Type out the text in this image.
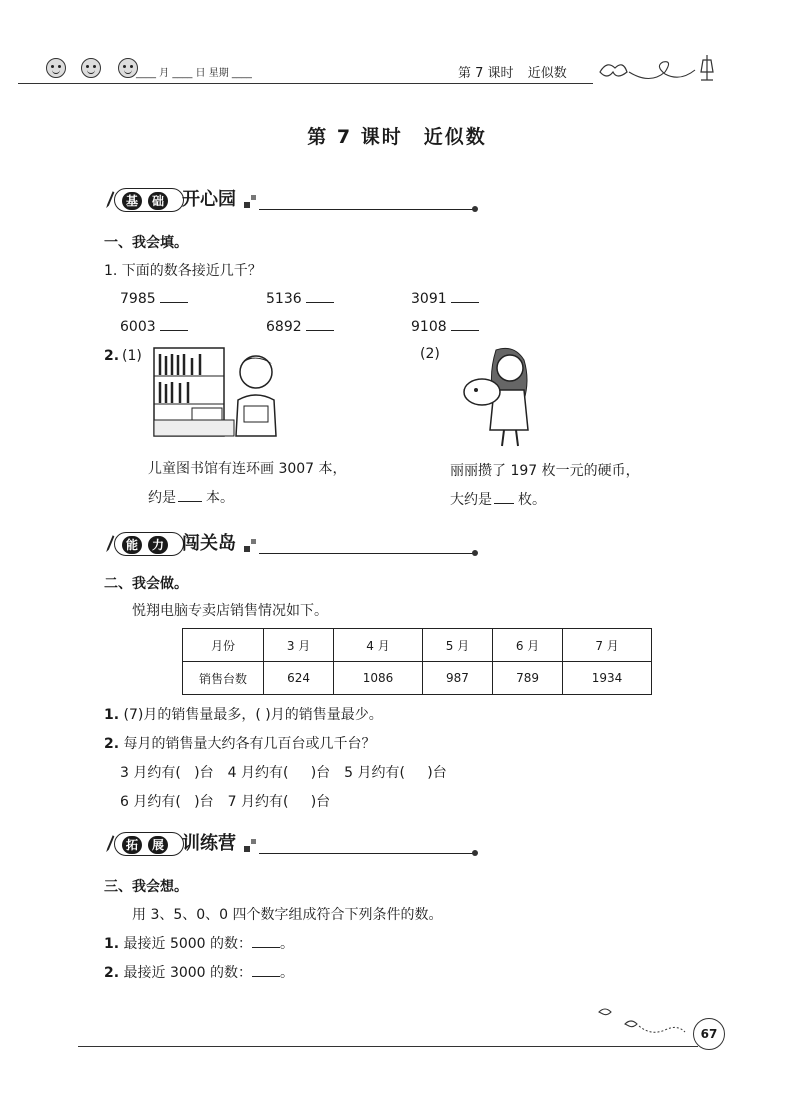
____ 月 ____ 日 星期 ____	第 7 课时 近似数
第 7 课时　近似数
基	础 开心园
一、我会填。
1. 下面的数各接近几千？
7985	5136	3091
6003	6892	9108
2. (1)	(2)
儿童图书馆有连环画 3007 本，
约是 本。
丽丽攒了 197 枚一元的硬币，
大约是 枚。
能	力 闯关岛
二、我会做。
悦翔电脑专卖店销售情况如下。
月份	3 月	4 月	5 月	6 月	7 月
销售台数	624	1086	987	789	1934
1. (7)月的销售量最多，( )月的销售量最少。
2. 每月的销售量大约各有几百台或几千台？
3 月约有(   )台　4 月约有(     )台　5 月约有(     )台
6 月约有(   )台　7 月约有(     )台
拓	展 训练营
三、我会想。
用 3、5、0、0 四个数字组成符合下列条件的数。
1. 最接近 5000 的数： 。
2. 最接近 3000 的数： 。
67
